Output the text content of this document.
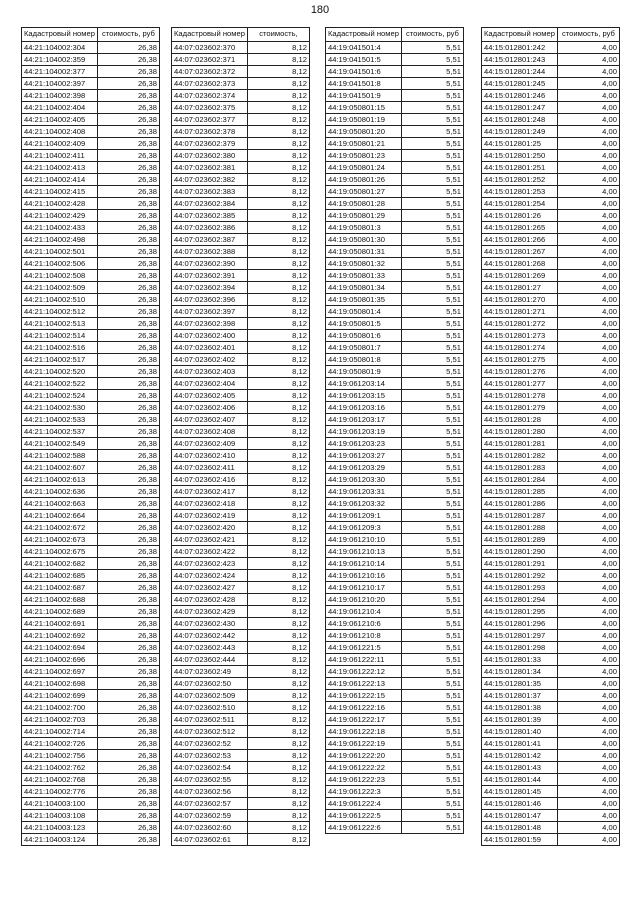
180
Кадастровый номер	стоимость, руб
44:21:104002:304	26,38
44:21:104002:359	26,38
44:21:104002:377	26,38
44:21:104002:397	26,38
44:21:104002:398	26,38
44:21:104002:404	26,38
44:21:104002:405	26,38
44:21:104002:408	26,38
44:21:104002:409	26,38
44:21:104002:411	26,38
44:21:104002:413	26,38
44:21:104002:414	26,38
44:21:104002:415	26,38
44:21:104002:428	26,38
44:21:104002:429	26,38
44:21:104002:433	26,38
44:21:104002:498	26,38
44:21:104002:501	26,38
44:21:104002:506	26,38
44:21:104002:508	26,38
44:21:104002:509	26,38
44:21:104002:510	26,38
44:21:104002:512	26,38
44:21:104002:513	26,38
44:21:104002:514	26,38
44:21:104002:516	26,38
44:21:104002:517	26,38
44:21:104002:520	26,38
44:21:104002:522	26,38
44:21:104002:524	26,38
44:21:104002:530	26,38
44:21:104002:533	26,38
44:21:104002:537	26,38
44:21:104002:549	26,38
44:21:104002:588	26,38
44:21:104002:607	26,38
44:21:104002:613	26,38
44:21:104002:636	26,38
44:21:104002:663	26,38
44:21:104002:664	26,38
44:21:104002:672	26,38
44:21:104002:673	26,38
44:21:104002:675	26,38
44:21:104002:682	26,38
44:21:104002:685	26,38
44:21:104002:687	26,38
44:21:104002:688	26,38
44:21:104002:689	26,38
44:21:104002:691	26,38
44:21:104002:692	26,38
44:21:104002:694	26,38
44:21:104002:696	26,38
44:21:104002:697	26,38
44:21:104002:698	26,38
44:21:104002:699	26,38
44:21:104002:700	26,38
44:21:104002:703	26,38
44:21:104002:714	26,38
44:21:104002:726	26,38
44:21:104002:756	26,38
44:21:104002:762	26,38
44:21:104002:768	26,38
44:21:104002:776	26,38
44:21:104003:100	26,38
44:21:104003:108	26,38
44:21:104003:123	26,38
44:21:104003:124	26,38
Кадастровый номер	стоимость,
44:07:023602:370	8,12
44:07:023602:371	8,12
44:07:023602:372	8,12
44:07:023602:373	8,12
44:07:023602:374	8,12
44:07:023602:375	8,12
44:07:023602:377	8,12
44:07:023602:378	8,12
44:07:023602:379	8,12
44:07:023602:380	8,12
44:07:023602:381	8,12
44:07:023602:382	8,12
44:07:023602:383	8,12
44:07:023602:384	8,12
44:07:023602:385	8,12
44:07:023602:386	8,12
44:07:023602:387	8,12
44:07:023602:388	8,12
44:07:023602:390	8,12
44:07:023602:391	8,12
44:07:023602:394	8,12
44:07:023602:396	8,12
44:07:023602:397	8,12
44:07:023602:398	8,12
44:07:023602:400	8,12
44:07:023602:401	8,12
44:07:023602:402	8,12
44:07:023602:403	8,12
44:07:023602:404	8,12
44:07:023602:405	8,12
44:07:023602:406	8,12
44:07:023602:407	8,12
44:07:023602:408	8,12
44:07:023602:409	8,12
44:07:023602:410	8,12
44:07:023602:411	8,12
44:07:023602:416	8,12
44:07:023602:417	8,12
44:07:023602:418	8,12
44:07:023602:419	8,12
44:07:023602:420	8,12
44:07:023602:421	8,12
44:07:023602:422	8,12
44:07:023602:423	8,12
44:07:023602:424	8,12
44:07:023602:427	8,12
44:07:023602:428	8,12
44:07:023602:429	8,12
44:07:023602:430	8,12
44:07:023602:442	8,12
44:07:023602:443	8,12
44:07:023602:444	8,12
44:07:023602:49	8,12
44:07:023602:50	8,12
44:07:023602:509	8,12
44:07:023602:510	8,12
44:07:023602:511	8,12
44:07:023602:512	8,12
44:07:023602:52	8,12
44:07:023602:53	8,12
44:07:023602:54	8,12
44:07:023602:55	8,12
44:07:023602:56	8,12
44:07:023602:57	8,12
44:07:023602:59	8,12
44:07:023602:60	8,12
44:07:023602:61	8,12
Кадастровый номер	стоимость, руб
44:19:041501:4	5,51
44:19:041501:5	5,51
44:19:041501:6	5,51
44:19:041501:8	5,51
44:19:041501:9	5,51
44:19:050801:15	5,51
44:19:050801:19	5,51
44:19:050801:20	5,51
44:19:050801:21	5,51
44:19:050801:23	5,51
44:19:050801:24	5,51
44:19:050801:26	5,51
44:19:050801:27	5,51
44:19:050801:28	5,51
44:19:050801:29	5,51
44:19:050801:3	5,51
44:19:050801:30	5,51
44:19:050801:31	5,51
44:19:050801:32	5,51
44:19:050801:33	5,51
44:19:050801:34	5,51
44:19:050801:35	5,51
44:19:050801:4	5,51
44:19:050801:5	5,51
44:19:050801:6	5,51
44:19:050801:7	5,51
44:19:050801:8	5,51
44:19:050801:9	5,51
44:19:061203:14	5,51
44:19:061203:15	5,51
44:19:061203:16	5,51
44:19:061203:17	5,51
44:19:061203:19	5,51
44:19:061203:23	5,51
44:19:061203:27	5,51
44:19:061203:29	5,51
44:19:061203:30	5,51
44:19:061203:31	5,51
44:19:061203:32	5,51
44:19:061209:1	5,51
44:19:061209:3	5,51
44:19:061210:10	5,51
44:19:061210:13	5,51
44:19:061210:14	5,51
44:19:061210:16	5,51
44:19:061210:17	5,51
44:19:061210:20	5,51
44:19:061210:4	5,51
44:19:061210:6	5,51
44:19:061210:8	5,51
44:19:061221:5	5,51
44:19:061222:11	5,51
44:19:061222:12	5,51
44:19:061222:13	5,51
44:19:061222:15	5,51
44:19:061222:16	5,51
44:19:061222:17	5,51
44:19:061222:18	5,51
44:19:061222:19	5,51
44:19:061222:20	5,51
44:19:061222:22	5,51
44:19:061222:23	5,51
44:19:061222:3	5,51
44:19:061222:4	5,51
44:19:061222:5	5,51
44:19:061222:6	5,51
Кадастровый номер	стоимость, руб
44:15:012801:242	4,00
44:15:012801:243	4,00
44:15:012801:244	4,00
44:15:012801:245	4,00
44:15:012801:246	4,00
44:15:012801:247	4,00
44:15:012801:248	4,00
44:15:012801:249	4,00
44:15:012801:25	4,00
44:15:012801:250	4,00
44:15:012801:251	4,00
44:15:012801:252	4,00
44:15:012801:253	4,00
44:15:012801:254	4,00
44:15:012801:26	4,00
44:15:012801:265	4,00
44:15:012801:266	4,00
44:15:012801:267	4,00
44:15:012801:268	4,00
44:15:012801:269	4,00
44:15:012801:27	4,00
44:15:012801:270	4,00
44:15:012801:271	4,00
44:15:012801:272	4,00
44:15:012801:273	4,00
44:15:012801:274	4,00
44:15:012801:275	4,00
44:15:012801:276	4,00
44:15:012801:277	4,00
44:15:012801:278	4,00
44:15:012801:279	4,00
44:15:012801:28	4,00
44:15:012801:280	4,00
44:15:012801:281	4,00
44:15:012801:282	4,00
44:15:012801:283	4,00
44:15:012801:284	4,00
44:15:012801:285	4,00
44:15:012801:286	4,00
44:15:012801:287	4,00
44:15:012801:288	4,00
44:15:012801:289	4,00
44:15:012801:290	4,00
44:15:012801:291	4,00
44:15:012801:292	4,00
44:15:012801:293	4,00
44:15:012801:294	4,00
44:15:012801:295	4,00
44:15:012801:296	4,00
44:15:012801:297	4,00
44:15:012801:298	4,00
44:15:012801:33	4,00
44:15:012801:34	4,00
44:15:012801:35	4,00
44:15:012801:37	4,00
44:15:012801:38	4,00
44:15:012801:39	4,00
44:15:012801:40	4,00
44:15:012801:41	4,00
44:15:012801:42	4,00
44:15:012801:43	4,00
44:15:012801:44	4,00
44:15:012801:45	4,00
44:15:012801:46	4,00
44:15:012801:47	4,00
44:15:012801:48	4,00
44:15:012801:59	4,00
